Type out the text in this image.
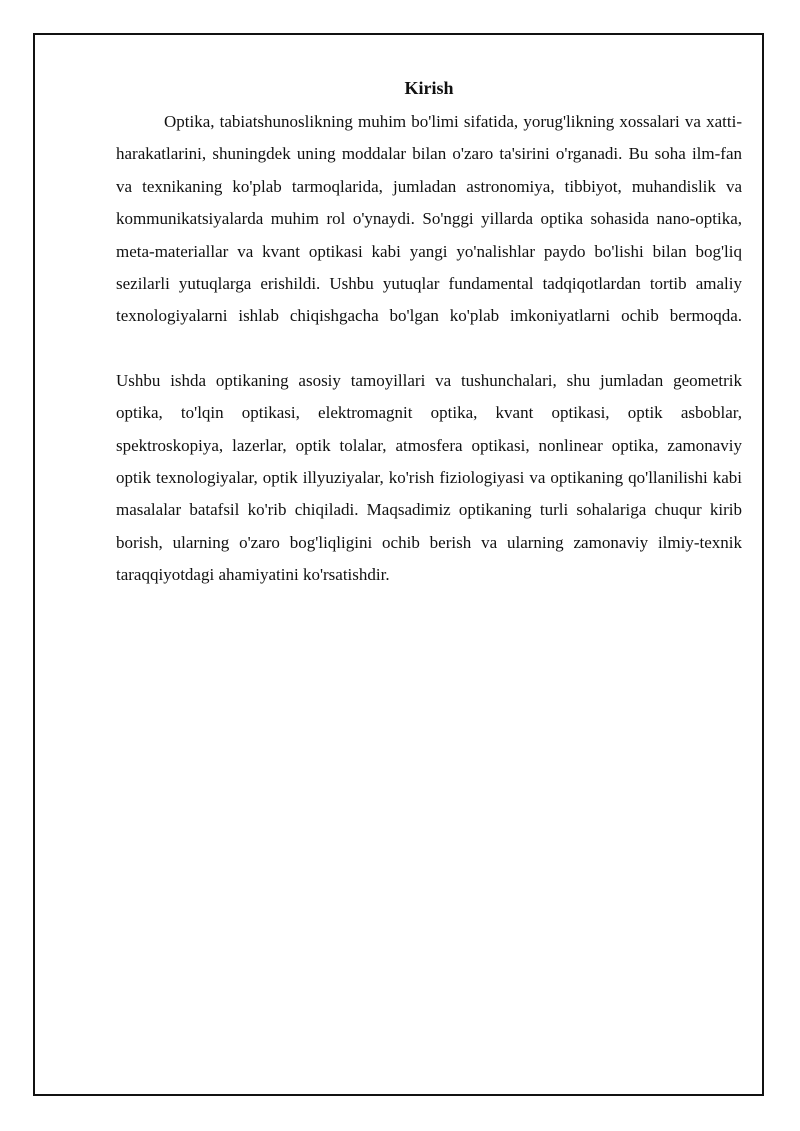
Kirish

Optika, tabiatshunoslikning muhim bo'limi sifatida, yorug'likning xossalari va xatti-harakatlarini, shuningdek uning moddalar bilan o'zaro ta'sirini o'rganadi. Bu soha ilm-fan va texnikaning ko'plab tarmoqlarida, jumladan astronomiya, tibbiyot, muhandislik va kommunikatsiyalarda muhim rol o'ynaydi. So'nggi yillarda optika sohasida nano-optika, meta-materiallar va kvant optikasi kabi yangi yo'nalishlar paydo bo'lishi bilan bog'liq sezilarli yutuqlarga erishildi. Ushbu yutuqlar fundamental tadqiqotlardan tortib amaliy texnologiyalarni ishlab chiqishgacha bo'lgan ko'plab imkoniyatlarni ochib bermoqda.

Ushbu ishda optikaning asosiy tamoyillari va tushunchalari, shu jumladan geometrik optika, to'lqin optikasi, elektromagnit optika, kvant optikasi, optik asboblar, spektroskopiya, lazerlar, optik tolalar, atmosfera optikasi, nonlinear optika, zamonaviy optik texnologiyalar, optik illyuziyalar, ko'rish fiziologiyasi va optikaning qo'llanilishi kabi masalalar batafsil ko'rib chiqiladi. Maqsadimiz optikaning turli sohalariga chuqur kirib borish, ularning o'zaro bog'liqligini ochib berish va ularning zamonaviy ilmiy-texnik taraqqiyotdagi ahamiyatini ko'rsatishdir.
